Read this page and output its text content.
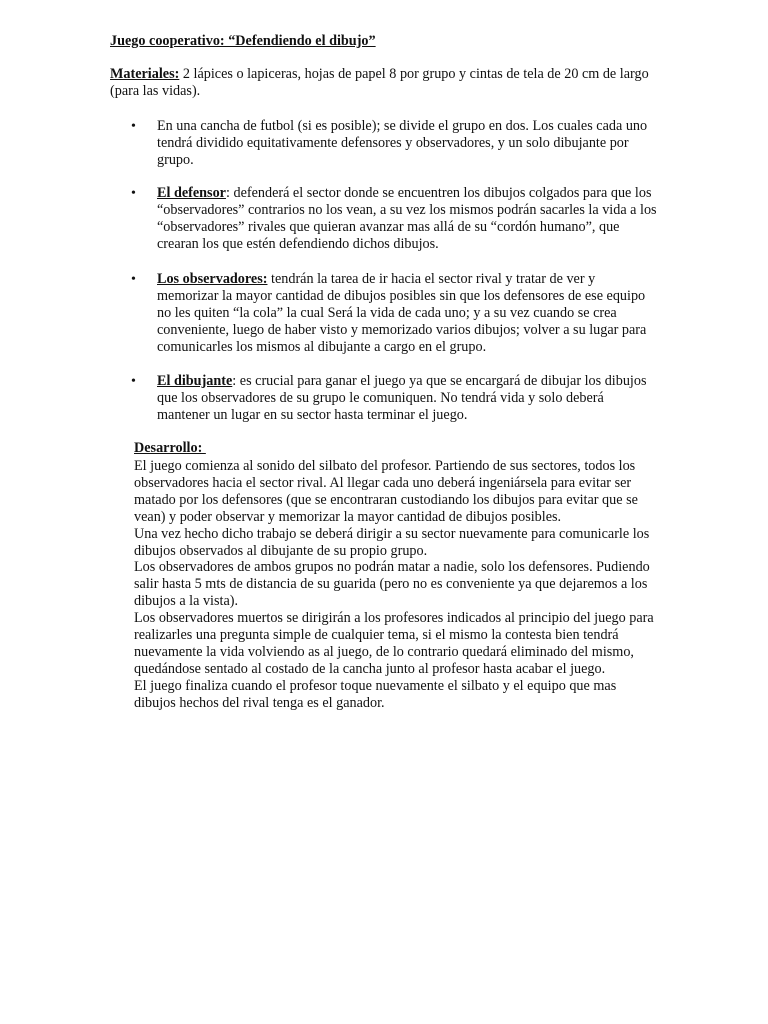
Juego cooperativo: “Defendiendo el dibujo”
Materiales: 2 lápices o lapiceras, hojas de papel 8 por grupo y cintas de tela de 20 cm de largo (para las vidas).
• En una cancha de futbol (si es posible); se divide el grupo en dos. Los cuales cada uno tendrá dividido equitativamente defensores y observadores, y un solo dibujante por grupo.
• El defensor: defenderá el sector donde se encuentren los dibujos colgados para que los “observadores” contrarios no los vean, a su vez los mismos podrán sacarles la vida a los “observadores” rivales que quieran avanzar mas allá de su “cordón humano”, que crearan los que estén defendiendo dichos dibujos.
• Los observadores: tendrán la tarea de ir hacia el sector rival y tratar de ver y memorizar la mayor cantidad de dibujos posibles sin que los defensores de ese equipo no les quiten “la cola” la cual Será la vida de cada uno; y a su vez cuando se crea conveniente, luego de haber visto y memorizado varios dibujos; volver a su lugar para comunicarles los mismos al dibujante a cargo en el grupo.
• El dibujante: es crucial para ganar el juego ya que se encargará de dibujar los dibujos que los observadores de su grupo le comuniquen. No tendrá vida y solo deberá mantener un lugar en su sector hasta terminar el juego.
Desarrollo:

El juego comienza al sonido del silbato del profesor. Partiendo de sus sectores, todos los observadores hacia el sector rival. Al llegar cada uno deberá ingeniársela para evitar ser matado por los defensores (que se encontraran custodiando los dibujos para evitar que se vean) y poder observar y memorizar la mayor cantidad de dibujos posibles.

Una vez hecho dicho trabajo se deberá dirigir a su sector nuevamente para comunicarle los dibujos observados al dibujante de su propio grupo.

Los observadores de ambos grupos no podrán matar a nadie, solo los defensores. Pudiendo salir hasta 5 mts de distancia de su guarida (pero no es conveniente ya que dejaremos a los dibujos a la vista).

Los observadores muertos se dirigirán a los profesores indicados al principio del juego para realizarles una pregunta simple de cualquier tema, si el mismo la contesta bien tendrá nuevamente la vida volviendo as al juego, de lo contrario quedará eliminado del mismo, quedándose sentado al costado de la cancha junto al profesor hasta acabar el juego.

El juego finaliza cuando el profesor toque nuevamente el silbato y el equipo que mas dibujos hechos del rival tenga es el ganador.
